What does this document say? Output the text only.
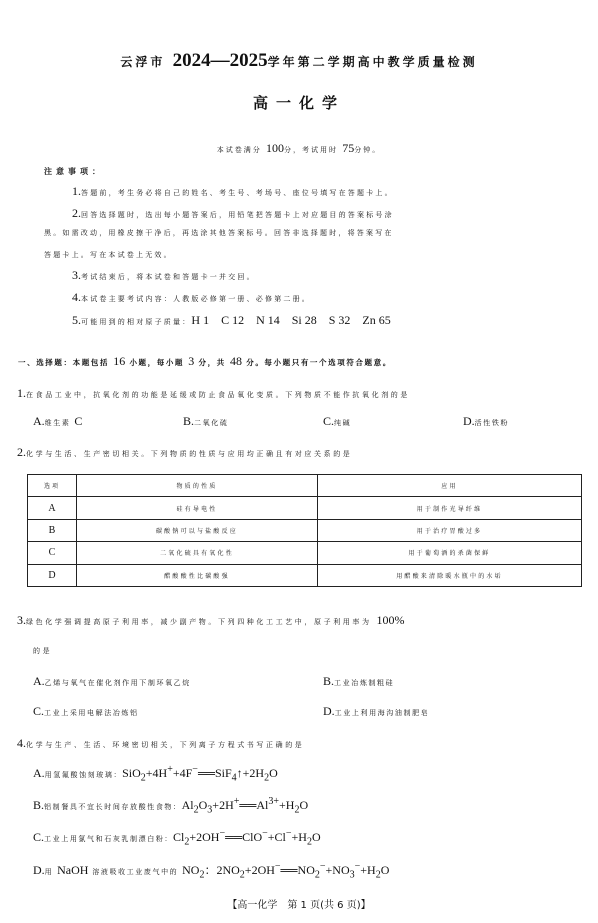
云浮市 2024—2025学年第二学期高中教学质量检测
高一化学
本试卷满分 100分，考试用时 75分钟。
注意事项：
1.答题前，考生务必将自己的姓名、考生号、考场号、座位号填写在答题卡上。
2.回答选择题时，选出每小题答案后，用铅笔把答题卡上对应题目的答案标号涂
黑。如需改动，用橡皮擦干净后，再选涂其他答案标号。回答非选择题时，将答案写在
答题卡上。写在本试卷上无效。
3.考试结束后，将本试卷和答题卡一并交回。
4.本试卷主要考试内容：人教版必修第一册、必修第二册。
5.可能用到的相对原子质量：H 1　C 12　N 14　Si 28　S 32　Zn 65
一、选择题：本题包括 16 小题，每小题 3 分，共 48 分。每小题只有一个选项符合题意。
1.在食品工业中，抗氧化剂的功能是延缓或防止食品氧化变质。下列物质不能作抗氧化剂的是
A.维生素 C	B.二氧化硫	C.纯碱	D.活性铁粉
2.化学与生活、生产密切相关。下列物质的性质与应用均正确且有对应关系的是
选项	物质的性质	应用
A	硅有导电性	用于制作光导纤维
B	碳酸钠可以与盐酸反应	用于治疗胃酸过多
C	二氧化硫具有氧化性	用于葡萄酒的杀菌保鲜
D	醋酸酸性比碳酸强	用醋酸来清除暖水瓶中的水垢
3.绿色化学强调提高原子利用率，减少副产物。下列四种化工工艺中，原子利用率为 100%
的是
A.乙烯与氧气在催化剂作用下制环氧乙烷	B.工业冶炼制粗硅
C.工业上采用电解法冶炼铝	D.工业上利用海沟油制肥皂
4.化学与生产、生活、环境密切相关，下列离子方程式书写正确的是
A.用氢氟酸蚀刻玻璃：$SiO_2+4H^++4F^-══SiF_4↑+2H_2O$
B.铝制餐具不宜长时间存放酸性食物：$Al_2O_3+2H^+══Al^{3+}+H_2O$
C.工业上用氯气和石灰乳制漂白粉：$Cl_2+2OH^-══ClO^-+Cl^-+H_2O$
D.用 NaOH 溶液吸收工业废气中的 $NO_2$：$2NO_2+2OH^-══NO_2^-+NO_3^-+H_2O$
【高一化学　第 1 页(共 6 页)】
